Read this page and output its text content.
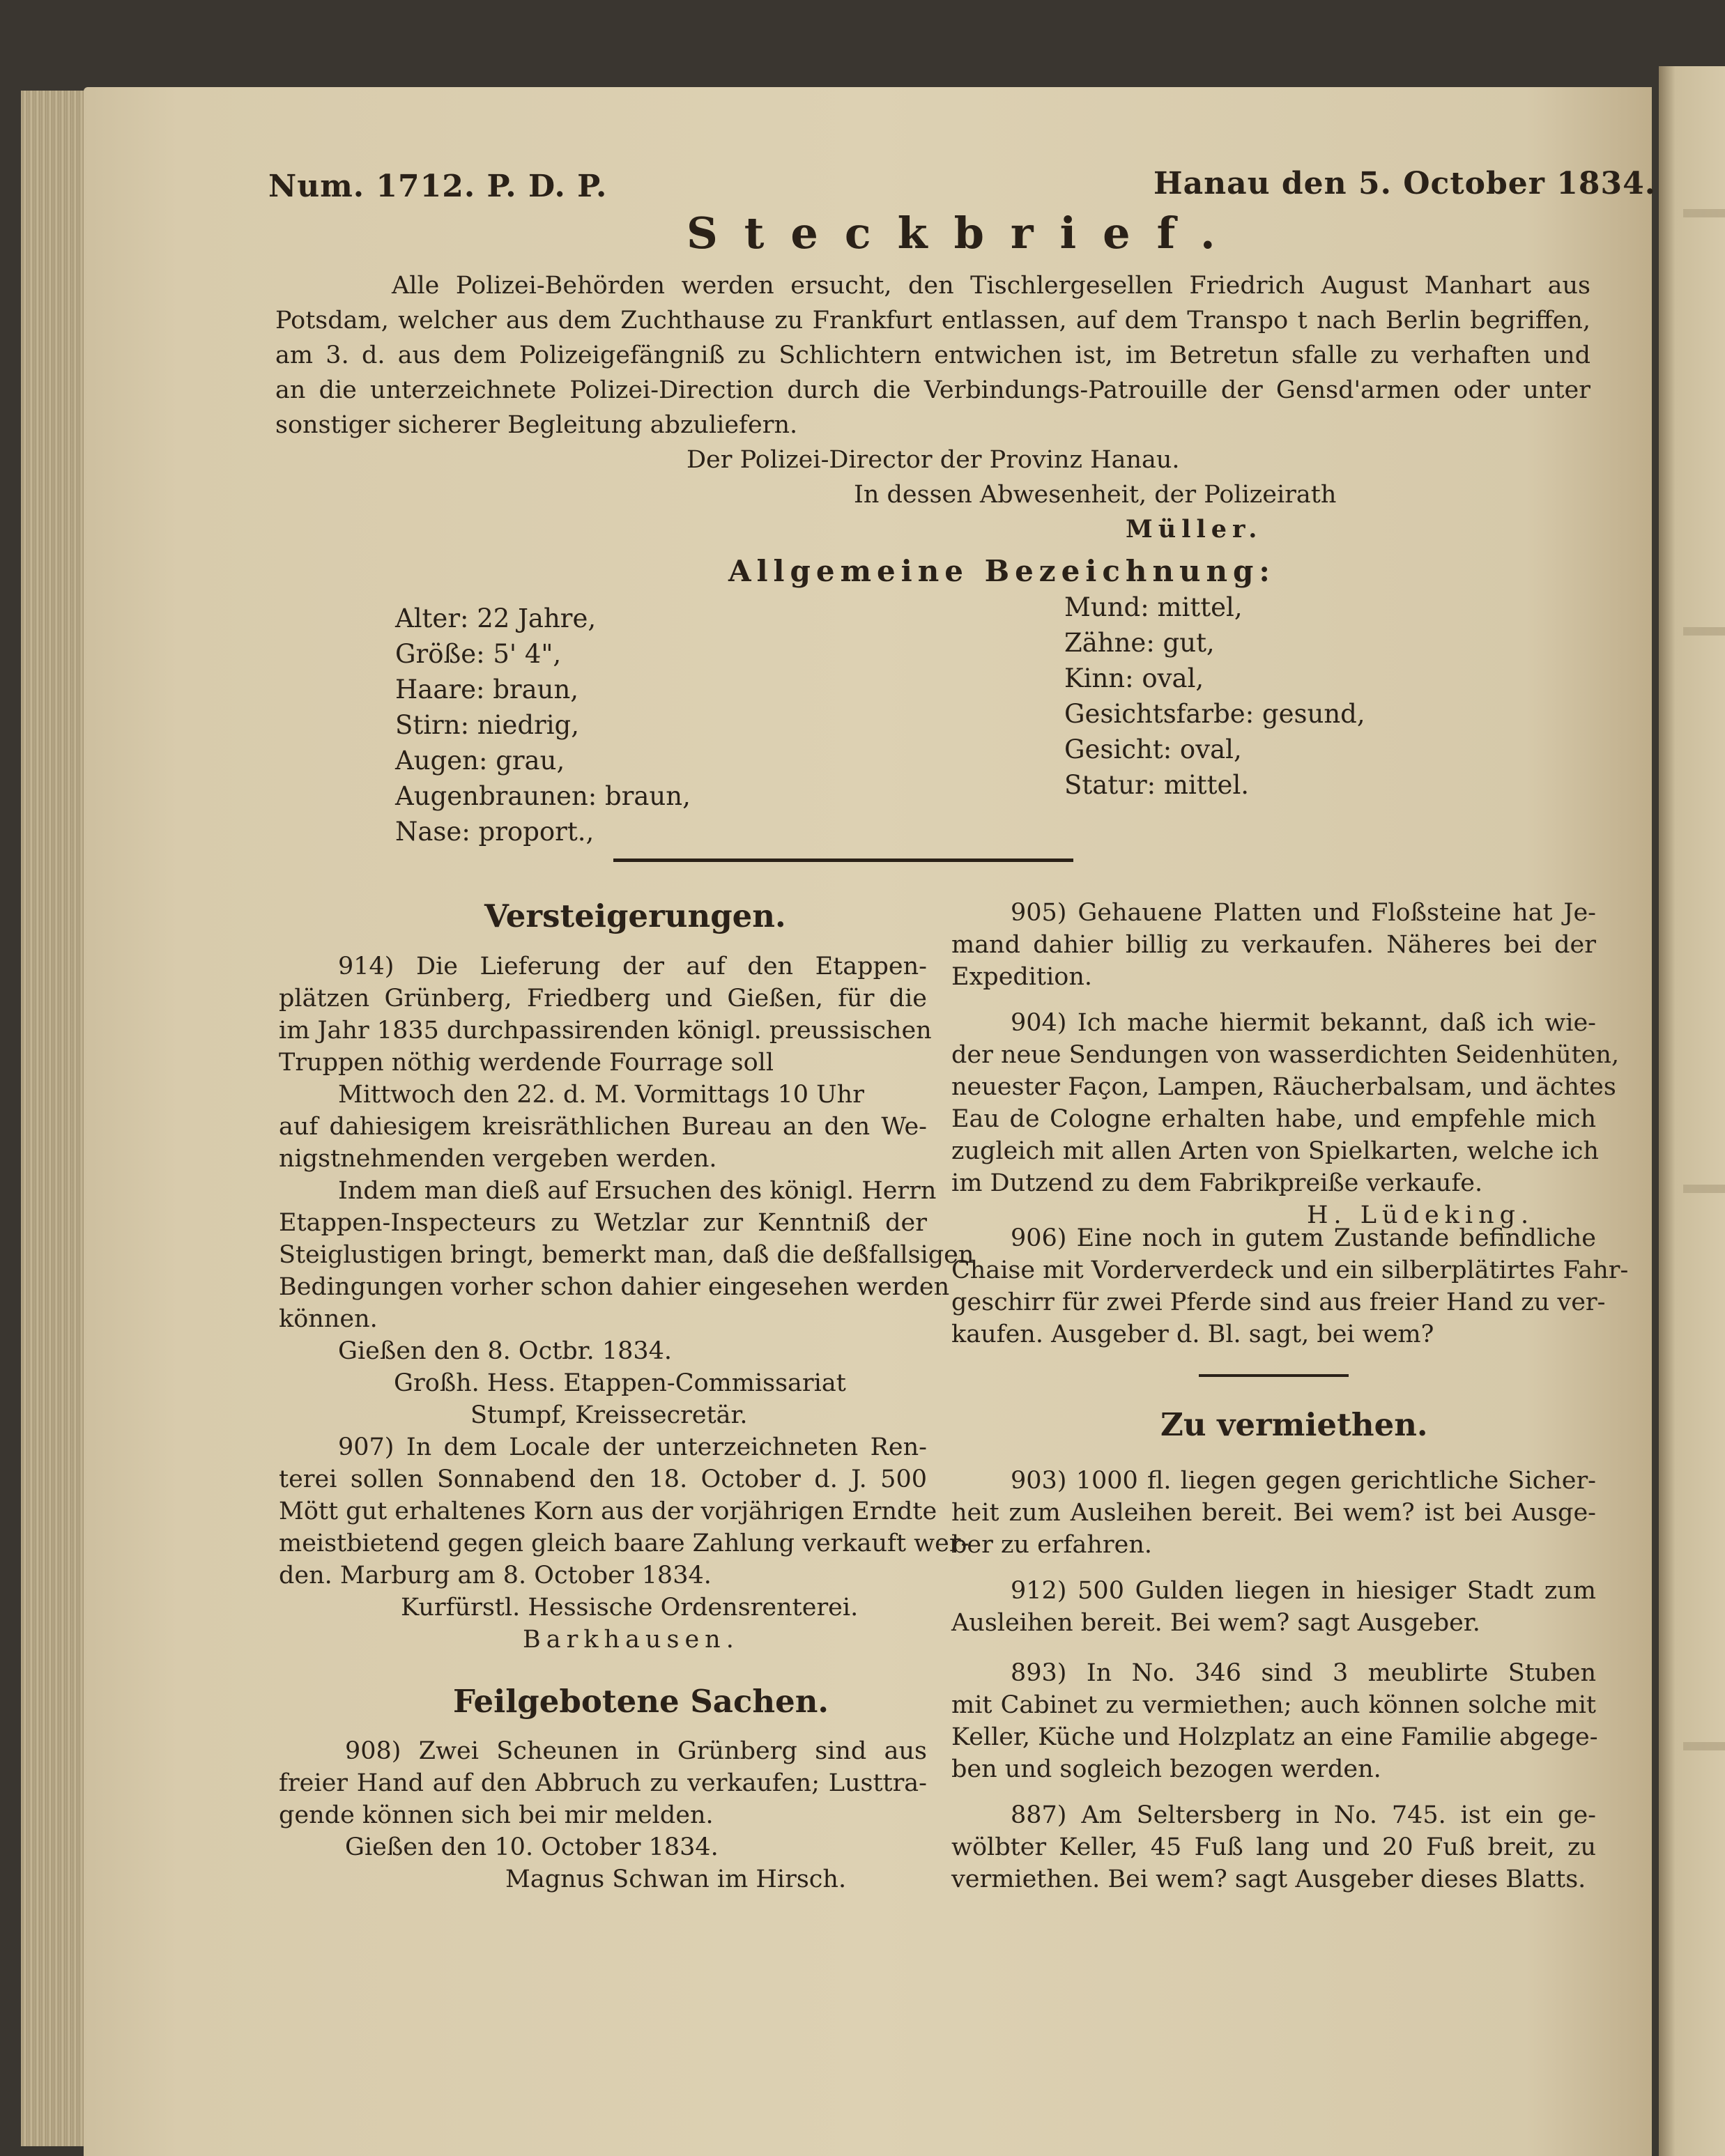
Num. 1712. P. D. P.	Hanau den 5. October 1834.
Steckbrief.
Alle Polizei-Behörden werden ersucht, den Tischlergesellen Friedrich August Manhart aus
Potsdam, welcher aus dem Zuchthause zu Frankfurt entlassen, auf dem Transpo t nach Berlin begriffen,
am 3. d. aus dem Polizeigefängniß zu Schlichtern entwichen ist, im Betretun sfalle zu verhaften und
an die unterzeichnete Polizei-Direction durch die Verbindungs-Patrouille der Gensd'armen oder unter
sonstiger sicherer Begleitung abzuliefern.
Der Polizei-Director der Provinz Hanau.
In dessen Abwesenheit, der Polizeirath
Müller.
Allgemeine Bezeichnung:
Alter: 22 Jahre,
Größe: 5' 4",
Haare: braun,
Stirn: niedrig,
Augen: grau,
Augenbraunen: braun,
Nase: proport.,
Mund: mittel,
Zähne: gut,
Kinn: oval,
Gesichtsfarbe: gesund,
Gesicht: oval,
Statur: mittel.
Versteigerungen.
914) Die Lieferung der auf den Etappen-
plätzen Grünberg, Friedberg und Gießen, für die
im Jahr 1835 durchpassirenden königl. preussischen
Truppen nöthig werdende Fourrage soll
Mittwoch den 22. d. M. Vormittags 10 Uhr
auf dahiesigem kreisräthlichen Bureau an den We-
nigstnehmenden vergeben werden.
Indem man dieß auf Ersuchen des königl. Herrn
Etappen-Inspecteurs zu Wetzlar zur Kenntniß der
Steiglustigen bringt, bemerkt man, daß die deßfallsigen
Bedingungen vorher schon dahier eingesehen werden
können.
Gießen den 8. Octbr. 1834.
Großh. Hess. Etappen-Commissariat
Stumpf, Kreissecretär.
907) In dem Locale der unterzeichneten Ren-
terei sollen Sonnabend den 18. October d. J. 500
Mött gut erhaltenes Korn aus der vorjährigen Erndte
meistbietend gegen gleich baare Zahlung verkauft wer-
den. Marburg am 8. October 1834.
Kurfürstl. Hessische Ordensrenterei.
Barkhausen.
Feilgebotene Sachen.
908) Zwei Scheunen in Grünberg sind aus
freier Hand auf den Abbruch zu verkaufen; Lusttra-
gende können sich bei mir melden.
Gießen den 10. October 1834.
Magnus Schwan im Hirsch.
905) Gehauene Platten und Floßsteine hat Je-
mand dahier billig zu verkaufen. Näheres bei der
Expedition.
904) Ich mache hiermit bekannt, daß ich wie-
der neue Sendungen von wasserdichten Seidenhüten,
neuester Façon, Lampen, Räucherbalsam, und ächtes
Eau de Cologne erhalten habe, und empfehle mich
zugleich mit allen Arten von Spielkarten, welche ich
im Dutzend zu dem Fabrikpreiße verkaufe.
H. Lüdeking.
906) Eine noch in gutem Zustande befindliche
Chaise mit Vorderverdeck und ein silberplätirtes Fahr-
geschirr für zwei Pferde sind aus freier Hand zu ver-
kaufen. Ausgeber d. Bl. sagt, bei wem?
Zu vermiethen.
903) 1000 fl. liegen gegen gerichtliche Sicher-
heit zum Ausleihen bereit. Bei wem? ist bei Ausge-
ber zu erfahren.
912) 500 Gulden liegen in hiesiger Stadt zum
Ausleihen bereit. Bei wem? sagt Ausgeber.
893) In No. 346 sind 3 meublirte Stuben
mit Cabinet zu vermiethen; auch können solche mit
Keller, Küche und Holzplatz an eine Familie abgege-
ben und sogleich bezogen werden.
887) Am Seltersberg in No. 745. ist ein ge-
wölbter Keller, 45 Fuß lang und 20 Fuß breit, zu
vermiethen. Bei wem? sagt Ausgeber dieses Blatts.
